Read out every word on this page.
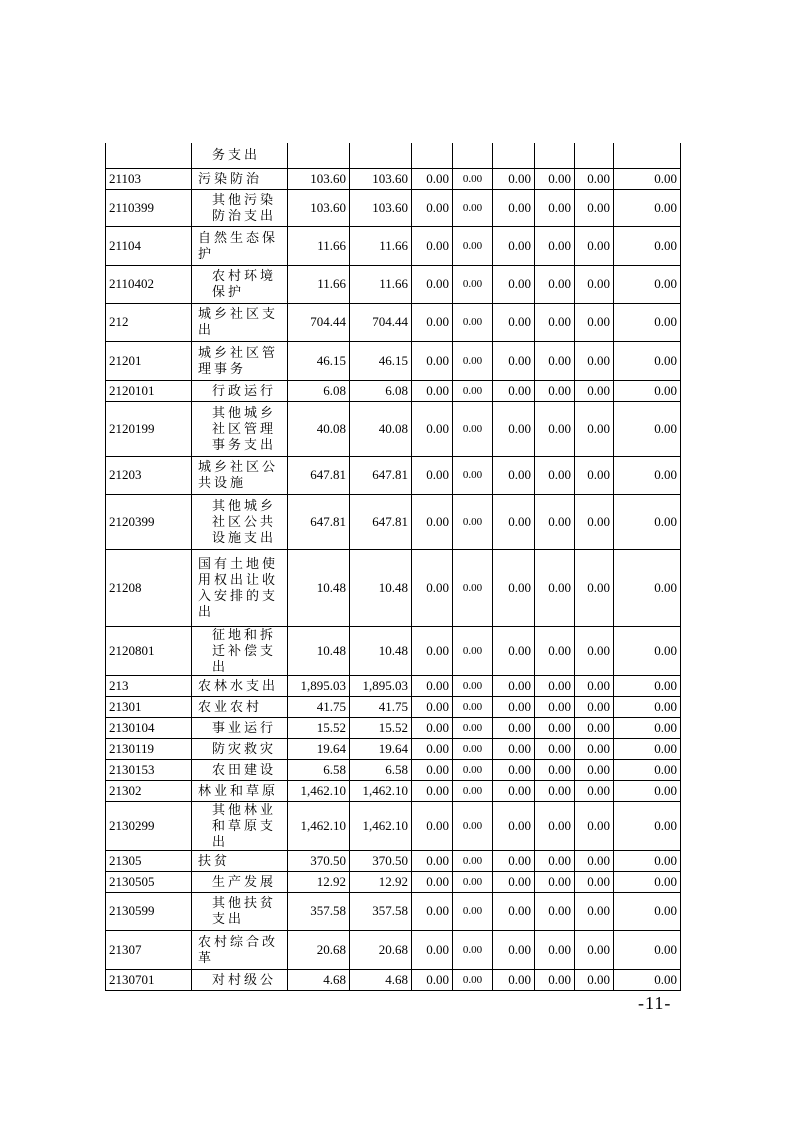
	务支出								
21103	污染防治	103.60	103.60	0.00	0.00	0.00	0.00	0.00	0.00
2110399	其他污染防治支出	103.60	103.60	0.00	0.00	0.00	0.00	0.00	0.00
21104	自然生态保护	11.66	11.66	0.00	0.00	0.00	0.00	0.00	0.00
2110402	农村环境保护	11.66	11.66	0.00	0.00	0.00	0.00	0.00	0.00
212	城乡社区支出	704.44	704.44	0.00	0.00	0.00	0.00	0.00	0.00
21201	城乡社区管理事务	46.15	46.15	0.00	0.00	0.00	0.00	0.00	0.00
2120101	行政运行	6.08	6.08	0.00	0.00	0.00	0.00	0.00	0.00
2120199	其他城乡社区管理事务支出	40.08	40.08	0.00	0.00	0.00	0.00	0.00	0.00
21203	城乡社区公共设施	647.81	647.81	0.00	0.00	0.00	0.00	0.00	0.00
2120399	其他城乡社区公共设施支出	647.81	647.81	0.00	0.00	0.00	0.00	0.00	0.00
21208	国有土地使用权出让收入安排的支出	10.48	10.48	0.00	0.00	0.00	0.00	0.00	0.00
2120801	征地和拆迁补偿支出	10.48	10.48	0.00	0.00	0.00	0.00	0.00	0.00
213	农林水支出	1,895.03	1,895.03	0.00	0.00	0.00	0.00	0.00	0.00
21301	农业农村	41.75	41.75	0.00	0.00	0.00	0.00	0.00	0.00
2130104	事业运行	15.52	15.52	0.00	0.00	0.00	0.00	0.00	0.00
2130119	防灾救灾	19.64	19.64	0.00	0.00	0.00	0.00	0.00	0.00
2130153	农田建设	6.58	6.58	0.00	0.00	0.00	0.00	0.00	0.00
21302	林业和草原	1,462.10	1,462.10	0.00	0.00	0.00	0.00	0.00	0.00
2130299	其他林业和草原支出	1,462.10	1,462.10	0.00	0.00	0.00	0.00	0.00	0.00
21305	扶贫	370.50	370.50	0.00	0.00	0.00	0.00	0.00	0.00
2130505	生产发展	12.92	12.92	0.00	0.00	0.00	0.00	0.00	0.00
2130599	其他扶贫支出	357.58	357.58	0.00	0.00	0.00	0.00	0.00	0.00
21307	农村综合改革	20.68	20.68	0.00	0.00	0.00	0.00	0.00	0.00
2130701	对村级公	4.68	4.68	0.00	0.00	0.00	0.00	0.00	0.00
-11-
